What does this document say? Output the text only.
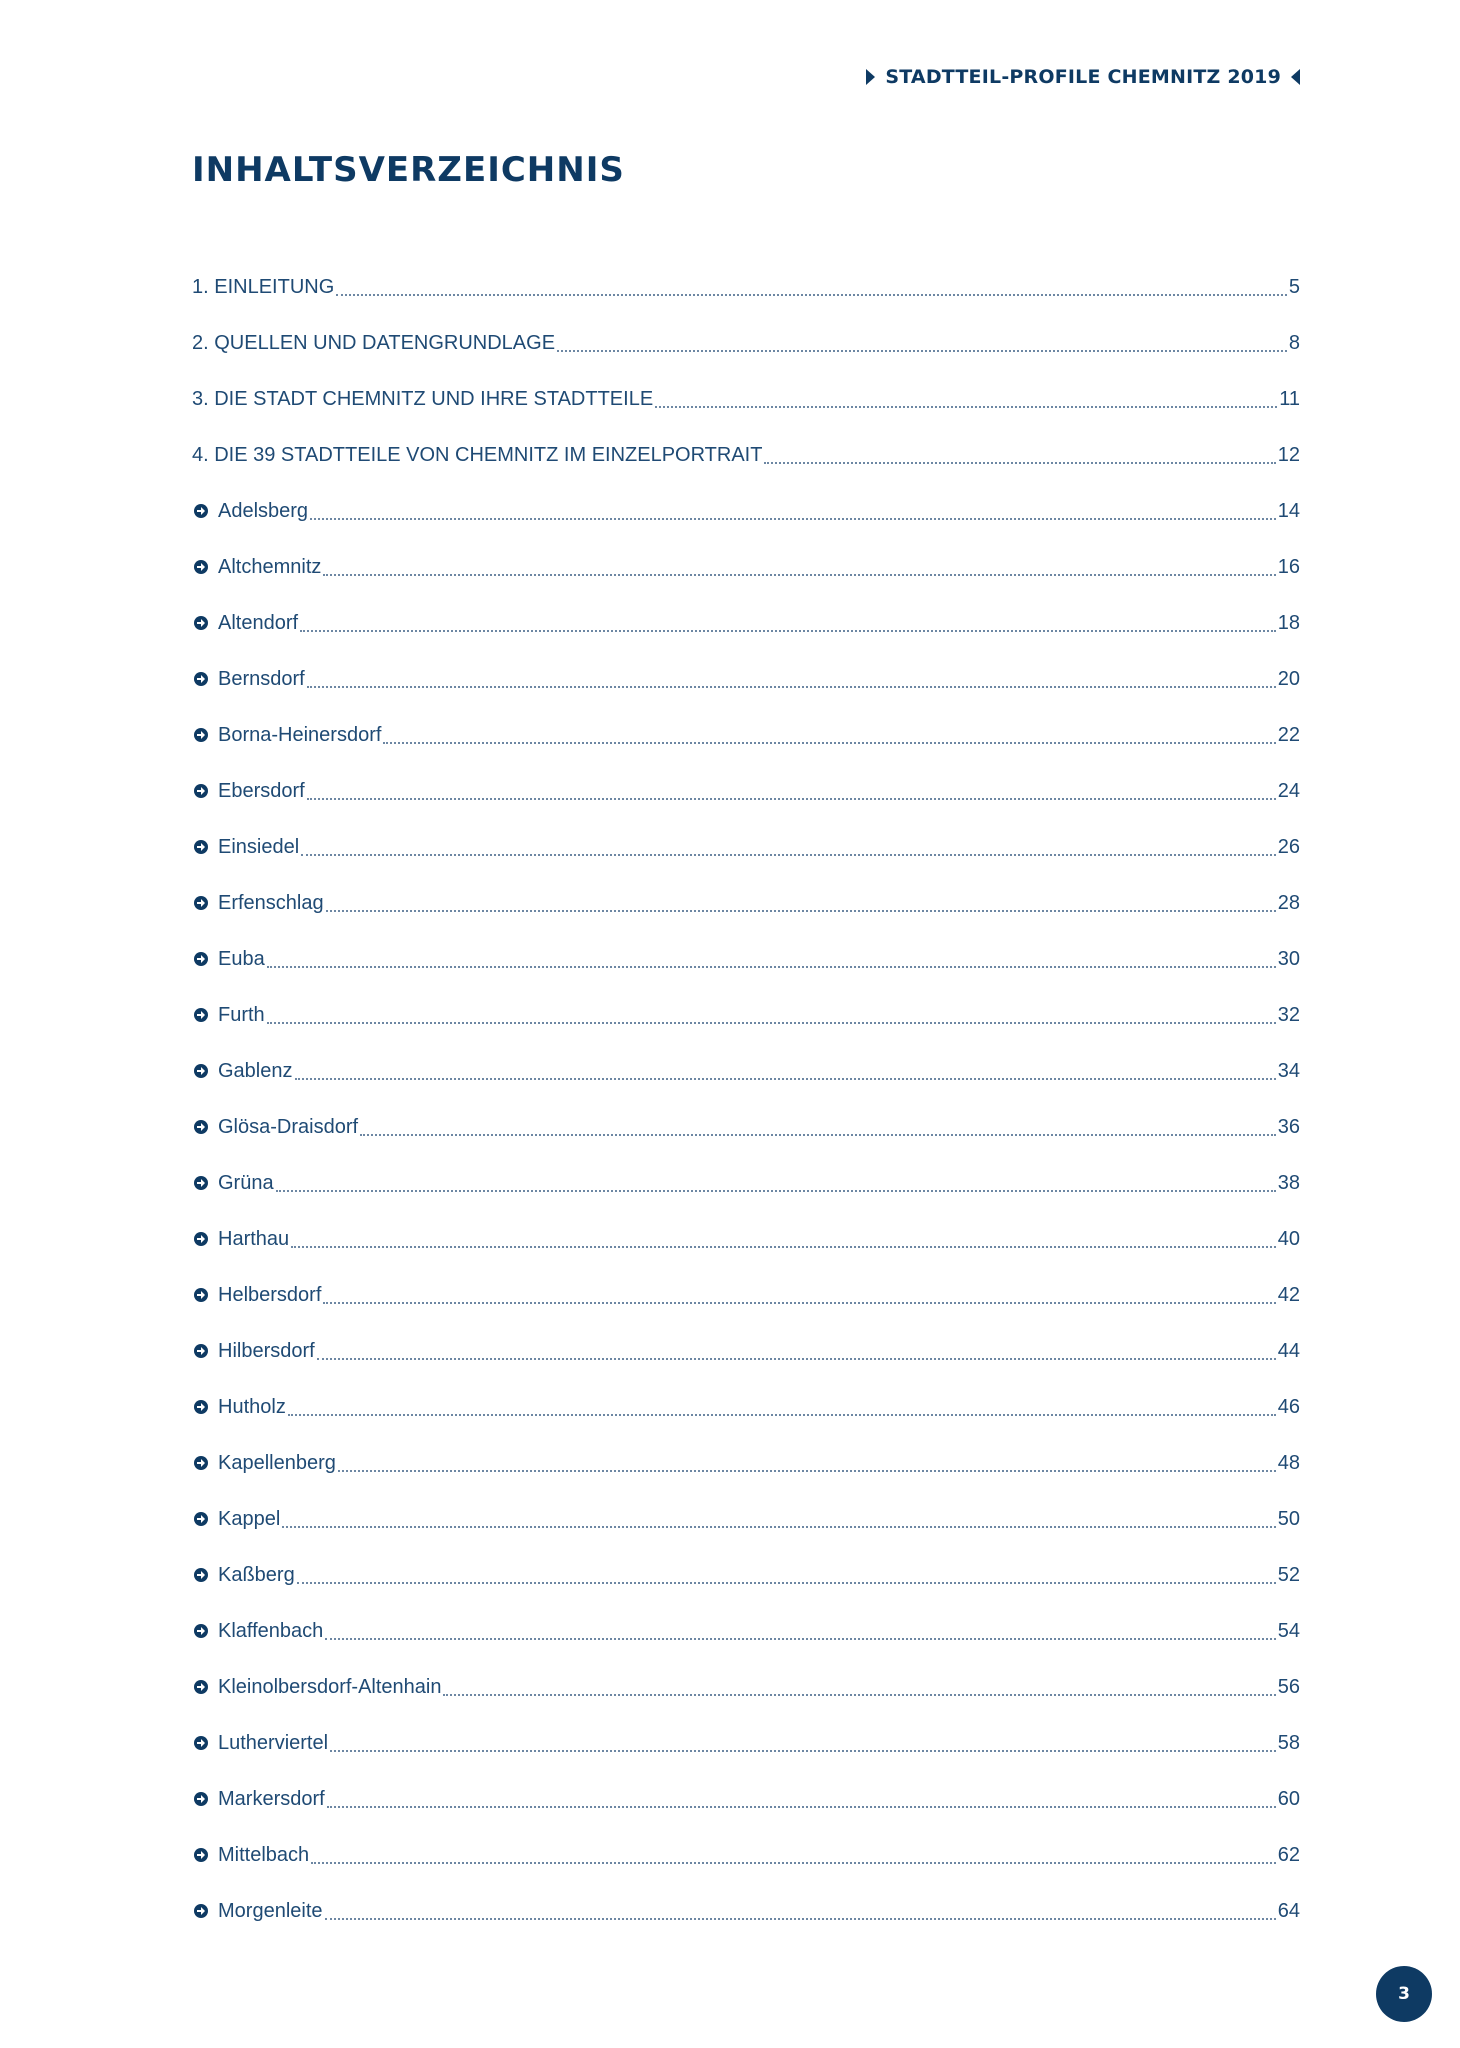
STADTTEIL-PROFILE CHEMNITZ 2019
INHALTSVERZEICHNIS
1. EINLEITUNG	5
2. QUELLEN UND DATENGRUNDLAGE	8
3. DIE STADT CHEMNITZ UND IHRE STADTTEILE	11
4. DIE 39 STADTTEILE VON CHEMNITZ IM EINZELPORTRAIT	12
Adelsberg	14
Altchemnitz	16
Altendorf	18
Bernsdorf	20
Borna-Heinersdorf	22
Ebersdorf	24
Einsiedel	26
Erfenschlag	28
Euba	30
Furth	32
Gablenz	34
Glösa-Draisdorf	36
Grüna	38
Harthau	40
Helbersdorf	42
Hilbersdorf	44
Hutholz	46
Kapellenberg	48
Kappel	50
Kaßberg	52
Klaffenbach	54
Kleinolbersdorf-Altenhain	56
Lutherviertel	58
Markersdorf	60
Mittelbach	62
Morgenleite	64
3
